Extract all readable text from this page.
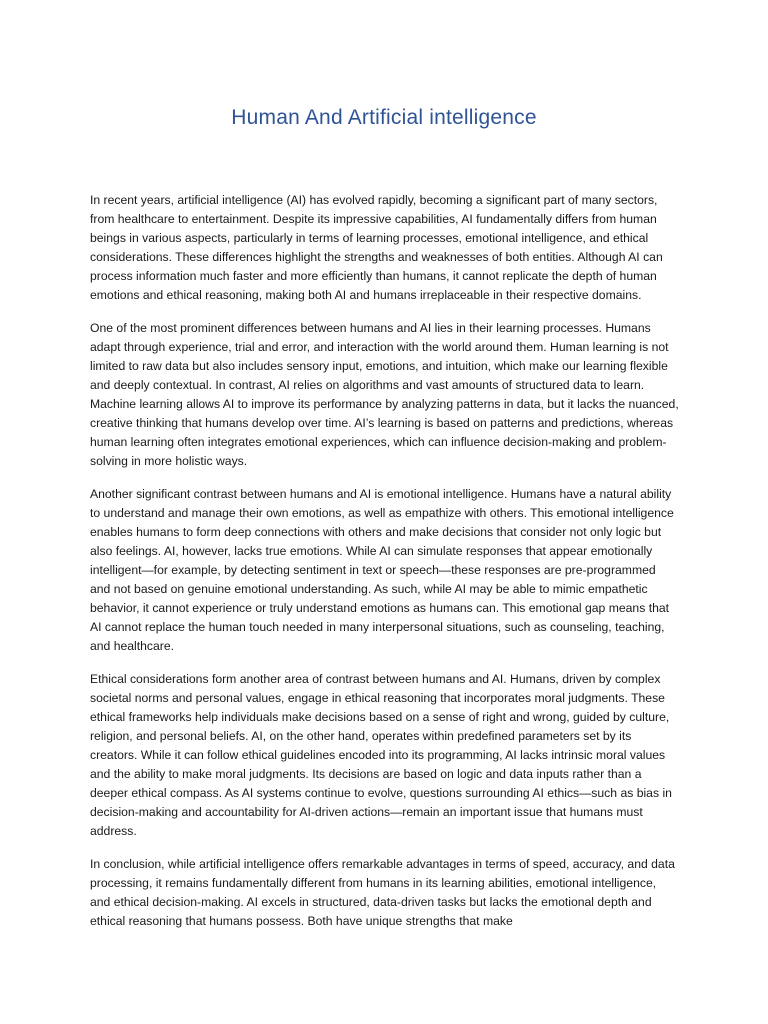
Human And Artificial intelligence

In recent years, artificial intelligence (AI) has evolved rapidly, becoming a significant part of many sectors, from healthcare to entertainment. Despite its impressive capabilities, AI fundamentally differs from human beings in various aspects, particularly in terms of learning processes, emotional intelligence, and ethical considerations. These differences highlight the strengths and weaknesses of both entities. Although AI can process information much faster and more efficiently than humans, it cannot replicate the depth of human emotions and ethical reasoning, making both AI and humans irreplaceable in their respective domains.

One of the most prominent differences between humans and AI lies in their learning processes. Humans adapt through experience, trial and error, and interaction with the world around them. Human learning is not limited to raw data but also includes sensory input, emotions, and intuition, which make our learning flexible and deeply contextual. In contrast, AI relies on algorithms and vast amounts of structured data to learn. Machine learning allows AI to improve its performance by analyzing patterns in data, but it lacks the nuanced, creative thinking that humans develop over time. AI’s learning is based on patterns and predictions, whereas human learning often integrates emotional experiences, which can influence decision-making and problem-solving in more holistic ways.

Another significant contrast between humans and AI is emotional intelligence. Humans have a natural ability to understand and manage their own emotions, as well as empathize with others. This emotional intelligence enables humans to form deep connections with others and make decisions that consider not only logic but also feelings. AI, however, lacks true emotions. While AI can simulate responses that appear emotionally intelligent—for example, by detecting sentiment in text or speech—these responses are pre-programmed and not based on genuine emotional understanding. As such, while AI may be able to mimic empathetic behavior, it cannot experience or truly understand emotions as humans can. This emotional gap means that AI cannot replace the human touch needed in many interpersonal situations, such as counseling, teaching, and healthcare.

Ethical considerations form another area of contrast between humans and AI. Humans, driven by complex societal norms and personal values, engage in ethical reasoning that incorporates moral judgments. These ethical frameworks help individuals make decisions based on a sense of right and wrong, guided by culture, religion, and personal beliefs. AI, on the other hand, operates within predefined parameters set by its creators. While it can follow ethical guidelines encoded into its programming, AI lacks intrinsic moral values and the ability to make moral judgments. Its decisions are based on logic and data inputs rather than a deeper ethical compass. As AI systems continue to evolve, questions surrounding AI ethics—such as bias in decision-making and accountability for AI-driven actions—remain an important issue that humans must address.

In conclusion, while artificial intelligence offers remarkable advantages in terms of speed, accuracy, and data processing, it remains fundamentally different from humans in its learning abilities, emotional intelligence, and ethical decision-making. AI excels in structured, data-driven tasks but lacks the emotional depth and ethical reasoning that humans possess. Both have unique strengths that make
